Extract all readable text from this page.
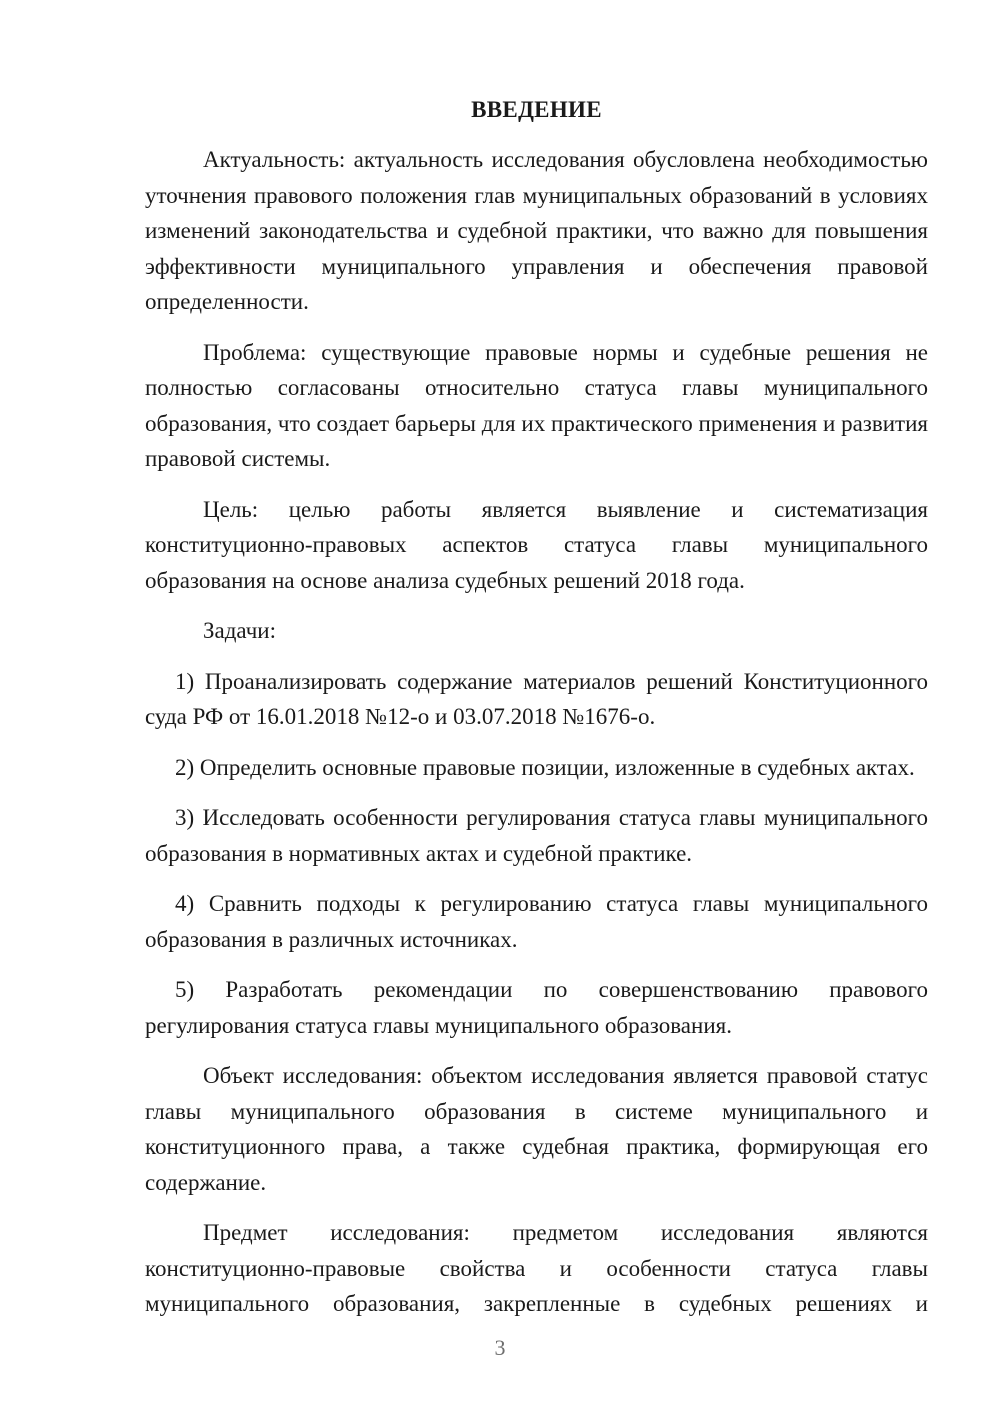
ВВЕДЕНИЕ

Актуальность: актуальность исследования обусловлена необходимостью уточнения правового положения глав муниципальных образований в условиях изменений законодательства и судебной практики, что важно для повышения эффективности муниципального управления и обеспечения правовой определенности.

Проблема: существующие правовые нормы и судебные решения не полностью согласованы относительно статуса главы муниципального образования, что создает барьеры для их практического применения и развития правовой системы.

Цель: целью работы является выявление и систематизация конституционно-правовых аспектов статуса главы муниципального образования на основе анализа судебных решений 2018 года.

Задачи:

1) Проанализировать содержание материалов решений Конституционного суда РФ от 16.01.2018 №12-о и 03.07.2018 №1676-о.

2) Определить основные правовые позиции, изложенные в судебных актах.

3) Исследовать особенности регулирования статуса главы муниципального образования в нормативных актах и судебной практике.

4) Сравнить подходы к регулированию статуса главы муниципального образования в различных источниках.

5) Разработать рекомендации по совершенствованию правового регулирования статуса главы муниципального образования.

Объект исследования: объектом исследования является правовой статус главы муниципального образования в системе муниципального и конституционного права, а также судебная практика, формирующая его содержание.

Предмет исследования: предметом исследования являются конституционно-правовые свойства и особенности статуса главы муниципального образования, закрепленные в судебных решениях и

3
